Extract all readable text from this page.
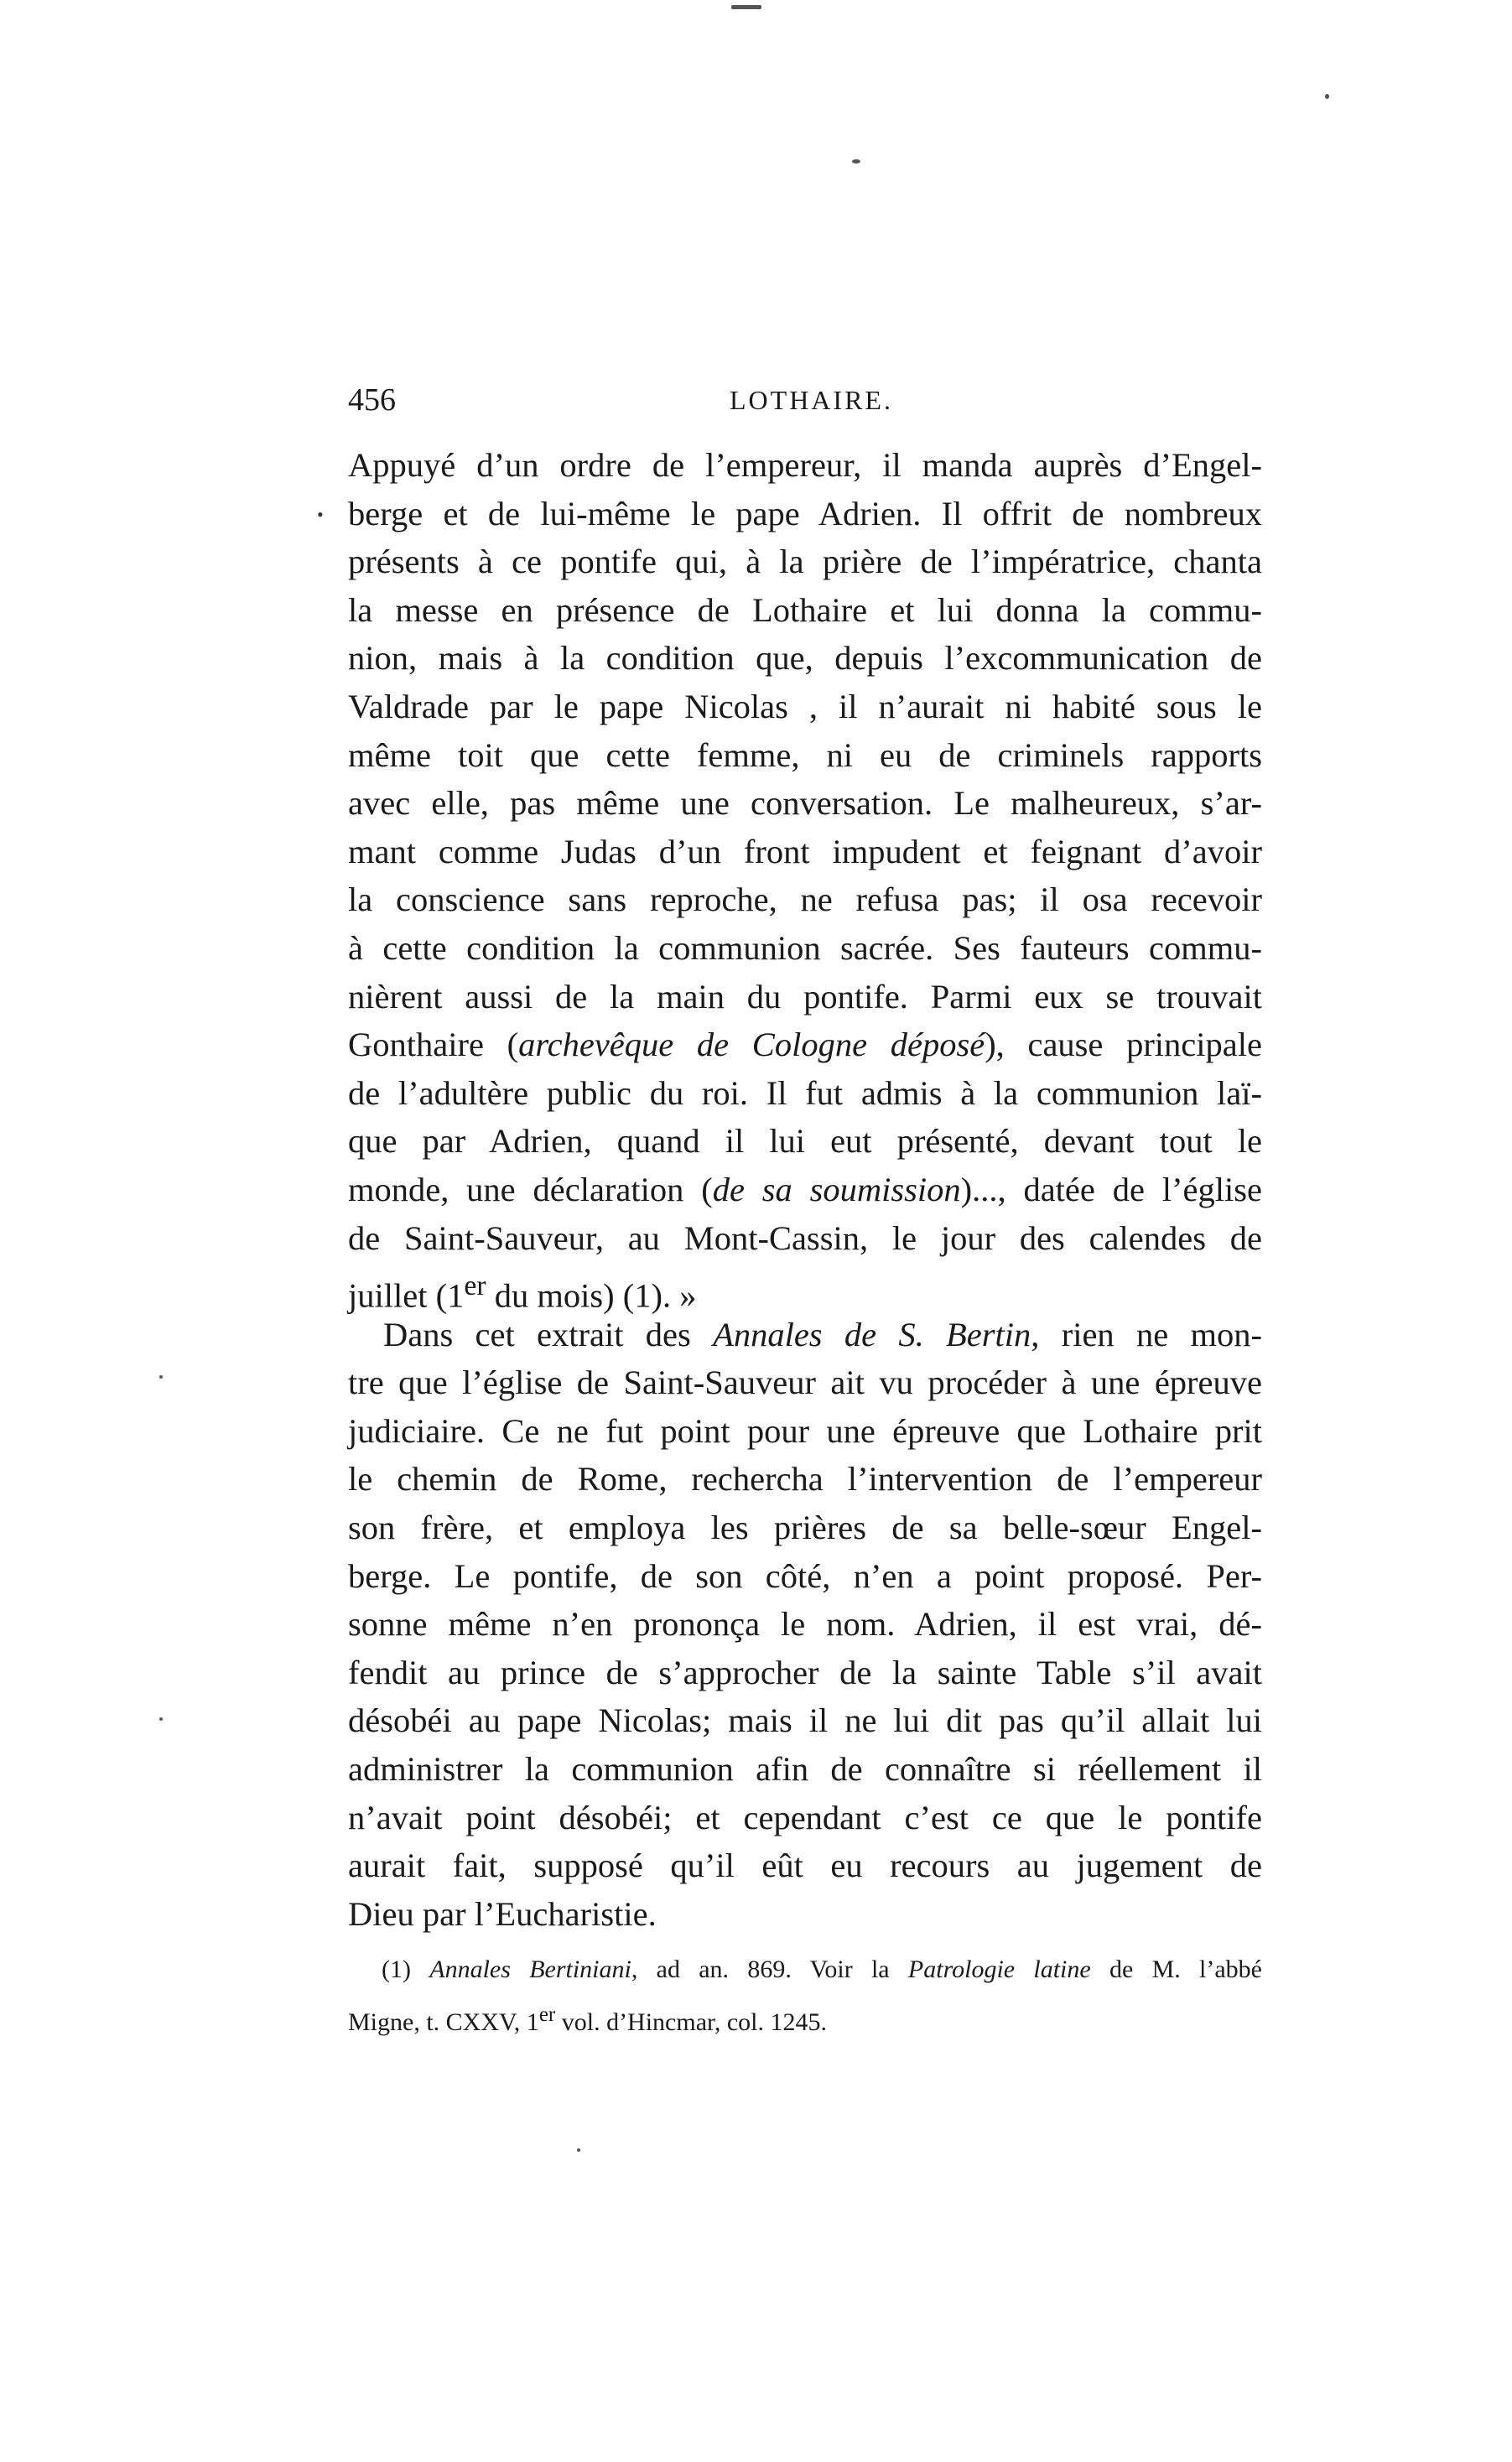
•
456	LOTHAIRE.
Appuyé d’un ordre de l’empereur, il manda auprès d’Engel-
berge et de lui-même le pape Adrien. Il offrit de nombreux
présents à ce pontife qui, à la prière de l’impératrice, chanta
la messe en présence de Lothaire et lui donna la commu-
nion, mais à la condition que, depuis l’excommunication de
Valdrade par le pape Nicolas , il n’aurait ni habité sous le
même toit que cette femme, ni eu de criminels rapports
avec elle, pas même une conversation. Le malheureux, s’ar-
mant comme Judas d’un front impudent et feignant d’avoir
la conscience sans reproche, ne refusa pas; il osa recevoir
à cette condition la communion sacrée. Ses fauteurs commu-
nièrent aussi de la main du pontife. Parmi eux se trouvait
Gonthaire (archevêque de Cologne déposé), cause principale
de l’adultère public du roi. Il fut admis à la communion laï-
que par Adrien, quand il lui eut présenté, devant tout le
monde, une déclaration (de sa soumission)..., datée de l’église
de Saint-Sauveur, au Mont-Cassin, le jour des calendes de
juillet (1er du mois) (1). »
Dans cet extrait des Annales de S. Bertin, rien ne mon-
tre que l’église de Saint-Sauveur ait vu procéder à une épreuve
judiciaire. Ce ne fut point pour une épreuve que Lothaire prit
le chemin de Rome, rechercha l’intervention de l’empereur
son frère, et employa les prières de sa belle-sœur Engel-
berge. Le pontife, de son côté, n’en a point proposé. Per-
sonne même n’en prononça le nom. Adrien, il est vrai, dé-
fendit au prince de s’approcher de la sainte Table s’il avait
désobéi au pape Nicolas; mais il ne lui dit pas qu’il allait lui
administrer la communion afin de connaître si réellement il
n’avait point désobéi; et cependant c’est ce que le pontife
aurait fait, supposé qu’il eût eu recours au jugement de
Dieu par l’Eucharistie.
(1) Annales Bertiniani, ad an. 869. Voir la Patrologie latine de M. l’abbé
Migne, t. CXXV, 1er vol. d’Hincmar, col. 1245.
